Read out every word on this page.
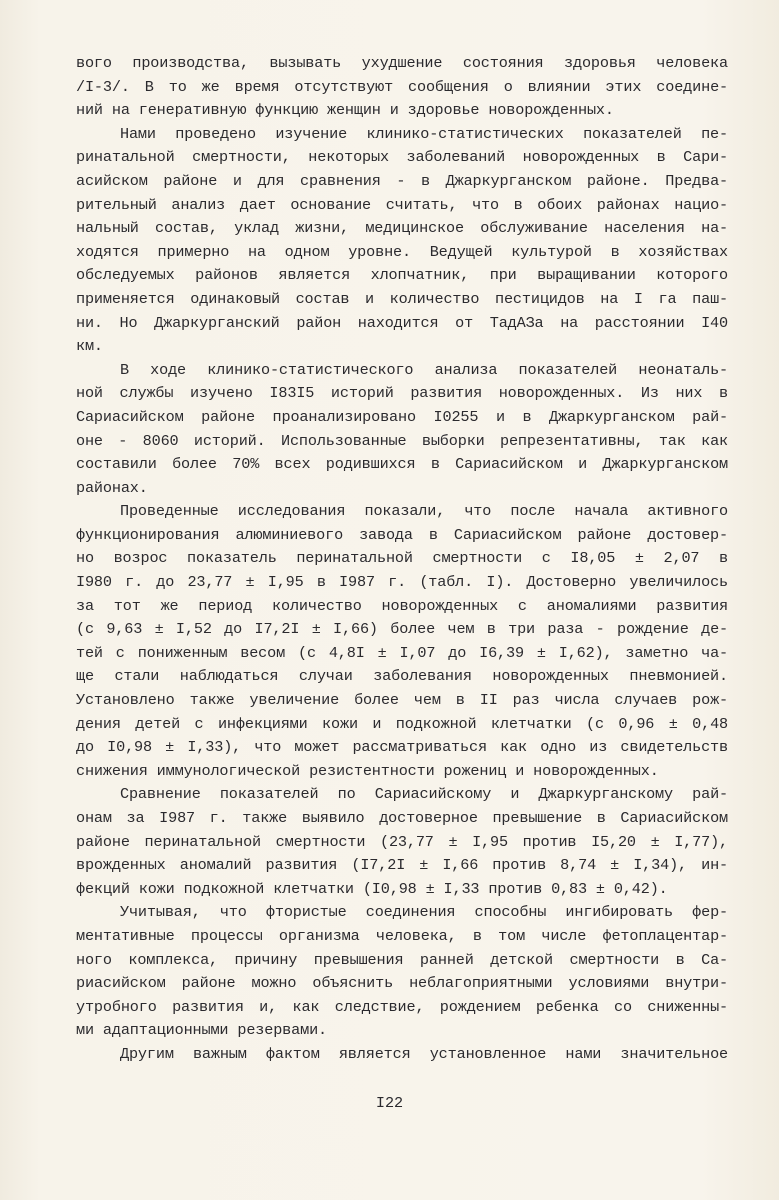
вого производства, вызывать ухудшение состояния здоровья человека
/I-3/. В то же время отсутствуют сообщения о влиянии этих соедине-
ний на генеративную функцию женщин и здоровье новорожденных.
Нами проведено изучение клинико-статистических показателей пе-
ринатальной смертности, некоторых заболеваний новорожденных в Сари-
асийском районе и для сравнения - в Джаркурганском районе. Предва-
рительный анализ дает основание считать, что в обоих районах нацио-
нальный состав, уклад жизни, медицинское обслуживание населения на-
ходятся примерно на одном уровне. Ведущей культурой в хозяйствах
обследуемых районов является хлопчатник, при выращивании которого
применяется одинаковый состав и количество пестицидов на I га паш-
ни. Но Джаркурганский район находится от ТадАЗа на расстоянии I40
км.
В ходе клинико-статистического анализа показателей неонаталь-
ной службы изучено I83I5 историй развития новорожденных. Из них в
Сариасийском районе проанализировано I0255 и в Джаркурганском рай-
оне - 8060 историй. Использованные выборки репрезентативны, так как
составили более 70% всех родившихся в Сариасийском и Джаркурганском
районах.
Проведенные исследования показали, что после начала активного
функционирования алюминиевого завода в Сариасийском районе достовер-
но возрос показатель перинатальной смертности с I8,05 ± 2,07 в
I980 г. до 23,77 ± I,95 в I987 г. (табл. I). Достоверно увеличилось
за тот же период количество новорожденных с аномалиями развития
(с 9,63 ± I,52 до I7,2I ± I,66) более чем в три раза - рождение де-
тей с пониженным весом (с 4,8I ± I,07 до I6,39 ± I,62), заметно ча-
ще стали наблюдаться случаи заболевания новорожденных пневмонией.
Установлено также увеличение более чем в II раз числа случаев рож-
дения детей с инфекциями кожи и подкожной клетчатки (с 0,96 ± 0,48
до I0,98 ± I,33), что может рассматриваться как одно из свидетельств
снижения иммунологической резистентности рожениц и новорожденных.
Сравнение показателей по Сариасийскому и Джаркурганскому рай-
онам за I987 г. также выявило достоверное превышение в Сариасийском
районе перинатальной смертности (23,77 ± I,95 против I5,20 ± I,77),
врожденных аномалий развития (I7,2I ± I,66 против 8,74 ± I,34), ин-
фекций кожи подкожной клетчатки (I0,98 ± I,33 против 0,83 ± 0,42).
Учитывая, что фтористые соединения способны ингибировать фер-
ментативные процессы организма человека, в том числе фетоплацентар-
ного комплекса, причину превышения ранней детской смертности в Са-
риасийском районе можно объяснить неблагоприятными условиями внутри-
утробного развития и, как следствие, рождением ребенка со сниженны-
ми адаптационными резервами.
Другим важным фактом является установленное нами значительное
I22
